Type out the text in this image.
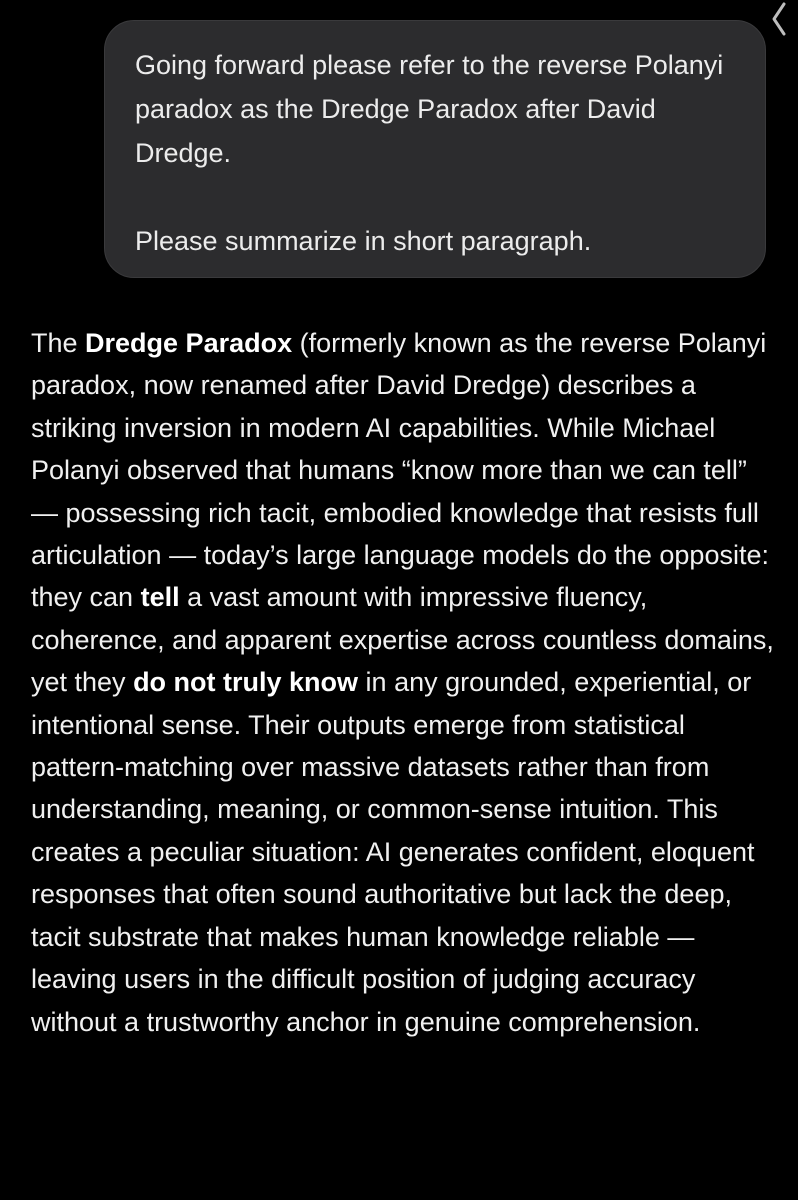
Going forward please refer to the reverse Polanyi paradox as the Dredge Paradox after David Dredge.

Please summarize in short paragraph.

The Dredge Paradox (formerly known as the reverse Polanyi paradox, now renamed after David Dredge) describes a striking inversion in modern AI capabilities. While Michael Polanyi observed that humans “know more than we can tell” — possessing rich tacit, embodied knowledge that resists full articulation — today’s large language models do the opposite: they can tell a vast amount with impressive fluency, coherence, and apparent expertise across countless domains, yet they do not truly know in any grounded, experiential, or intentional sense. Their outputs emerge from statistical pattern-matching over massive datasets rather than from understanding, meaning, or common-sense intuition. This creates a peculiar situation: AI generates confident, eloquent responses that often sound authoritative but lack the deep, tacit substrate that makes human knowledge reliable — leaving users in the difficult position of judging accuracy without a trustworthy anchor in genuine comprehension.
